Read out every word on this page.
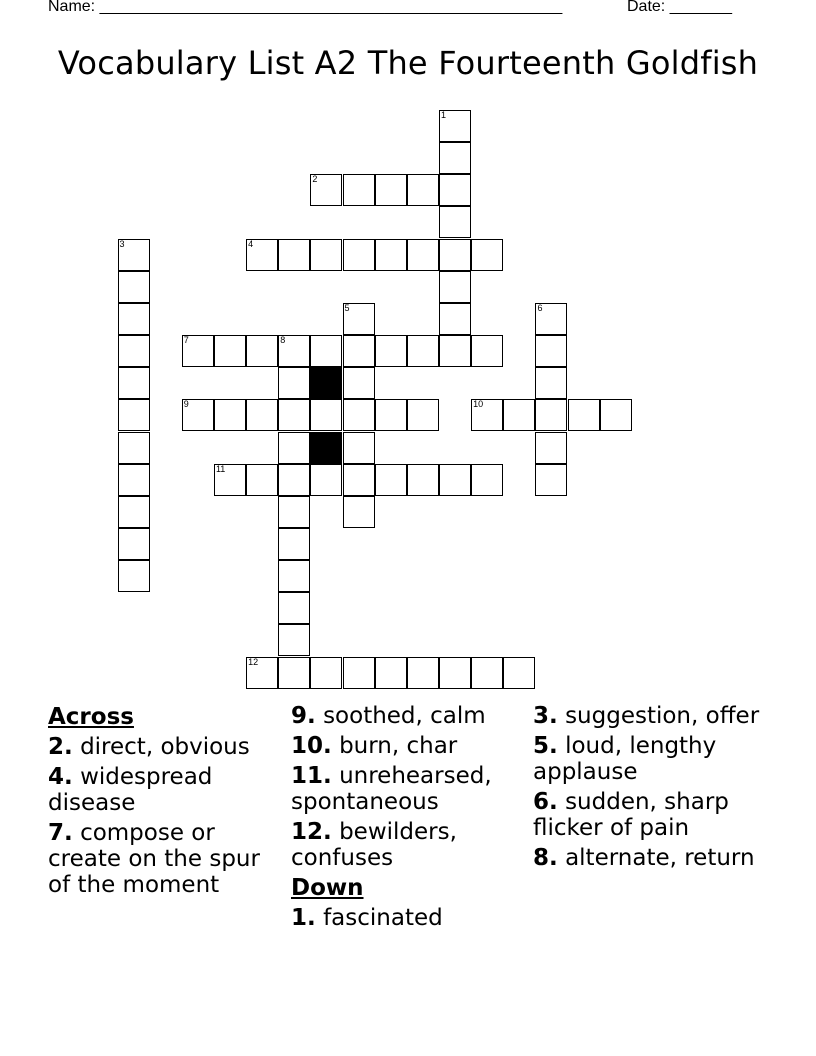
Name: ____________________________________________________	Date: _______
Vocabulary List A2 The Fourteenth Goldfish
1
2
3	4
5	6
7	8
9	10
11
12
Across
2. direct, obvious
4. widespread disease
7. compose or create on the spur of the moment
9. soothed, calm
10. burn, char
11. unrehearsed, spontaneous
12. bewilders, confuses
Down
1. fascinated
3. suggestion, offer
5. loud, lengthy applause
6. sudden, sharp flicker of pain
8. alternate, return
